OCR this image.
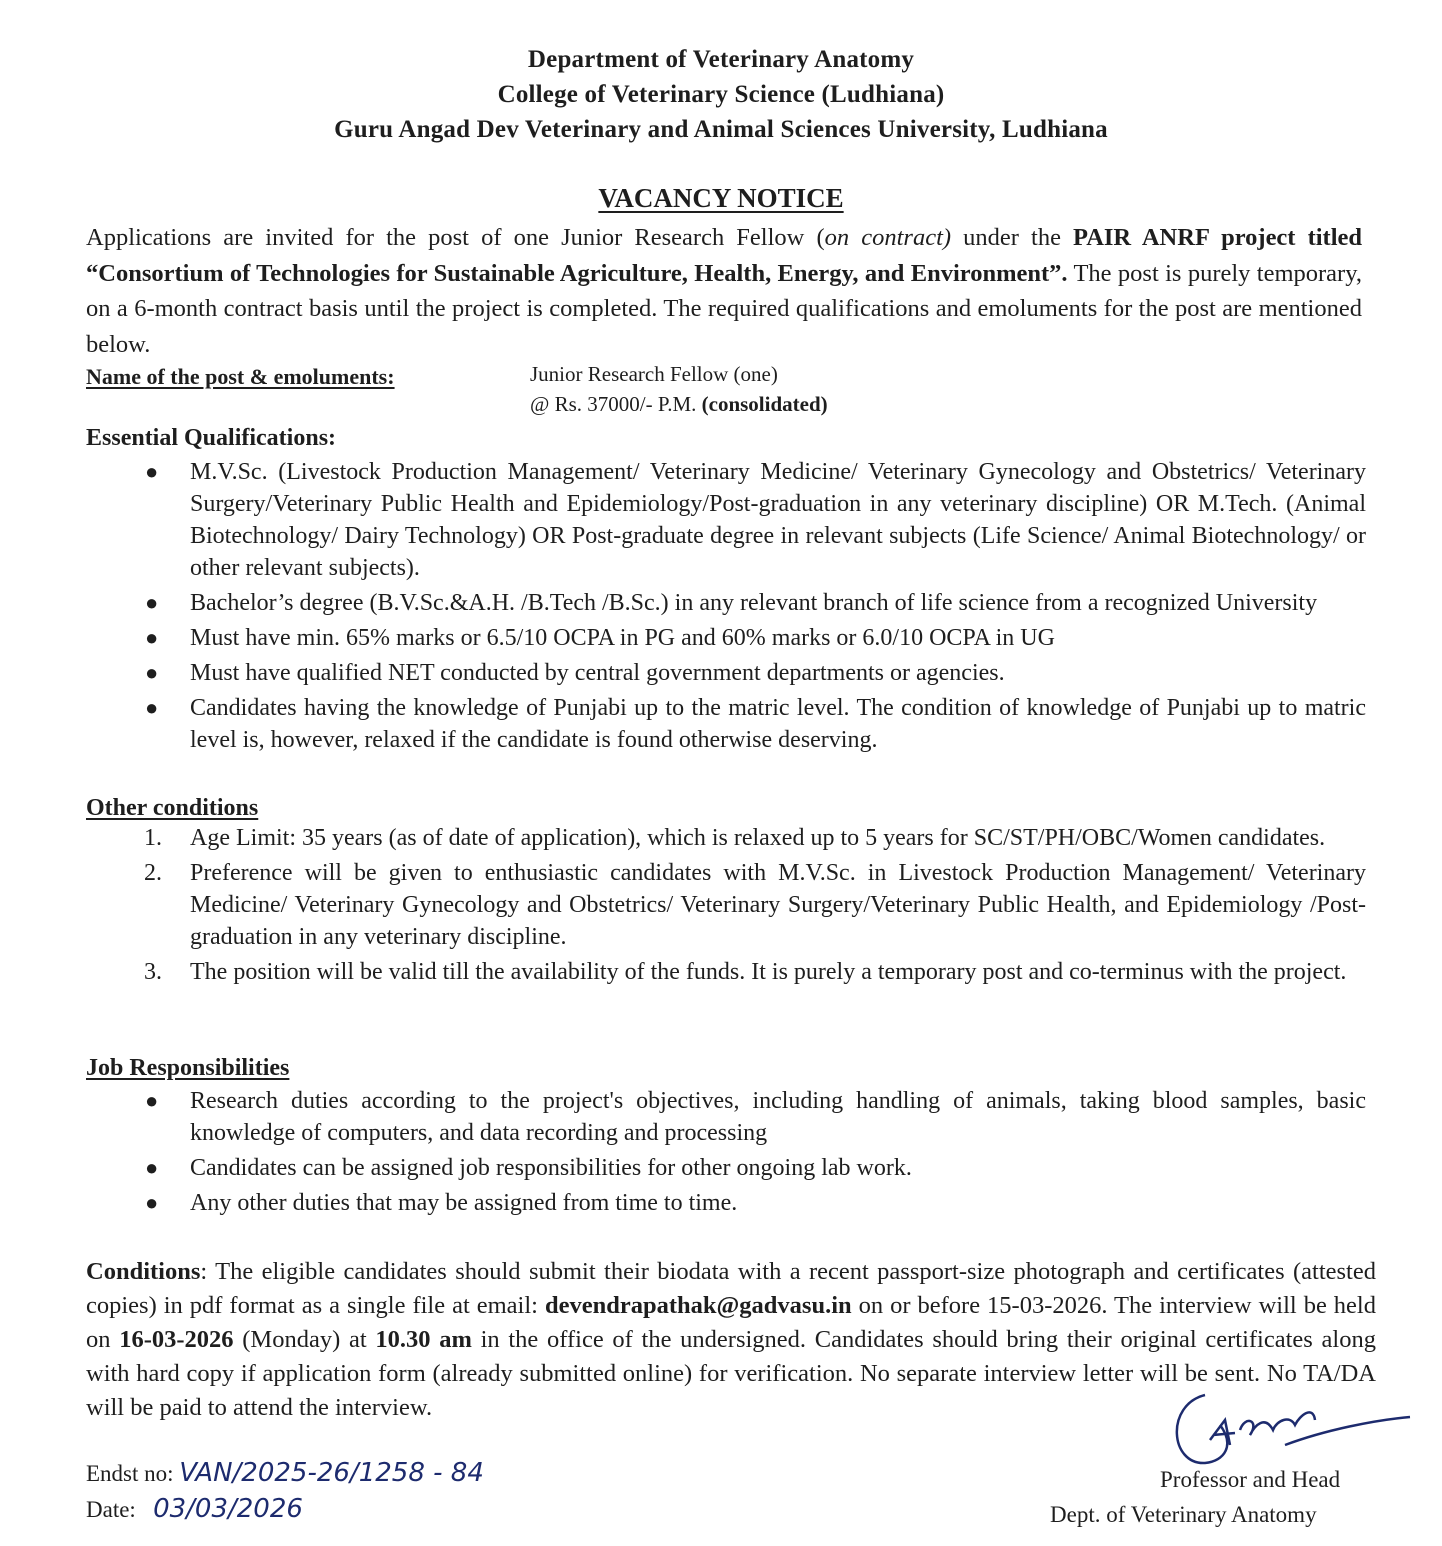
Department of Veterinary Anatomy
College of Veterinary Science (Ludhiana)
Guru Angad Dev Veterinary and Animal Sciences University, Ludhiana
VACANCY NOTICE
Applications are invited for the post of one Junior Research Fellow (on contract) under the PAIR ANRF project titled “Consortium of Technologies for Sustainable Agriculture, Health, Energy, and Environment”. The post is purely temporary, on a 6-month contract basis until the project is completed. The required qualifications and emoluments for the post are mentioned below.
Name of the post & emoluments:	Junior Research Fellow (one)
@ Rs. 37000/- P.M. (consolidated)
Essential Qualifications:
● M.V.Sc. (Livestock Production Management/ Veterinary Medicine/ Veterinary Gynecology and Obstetrics/ Veterinary Surgery/Veterinary Public Health and Epidemiology/Post-graduation in any veterinary discipline) OR M.Tech. (Animal Biotechnology/ Dairy Technology) OR Post-graduate degree in relevant subjects (Life Science/ Animal Biotechnology/ or other relevant subjects).
● Bachelor’s degree (B.V.Sc.&A.H. /B.Tech /B.Sc.) in any relevant branch of life science from a recognized University
● Must have min. 65% marks or 6.5/10 OCPA in PG and 60% marks or 6.0/10 OCPA in UG
● Must have qualified NET conducted by central government departments or agencies.
● Candidates having the knowledge of Punjabi up to the matric level. The condition of knowledge of Punjabi up to matric level is, however, relaxed if the candidate is found otherwise deserving.
Other conditions
1. Age Limit: 35 years (as of date of application), which is relaxed up to 5 years for SC/ST/PH/OBC/Women candidates.
2. Preference will be given to enthusiastic candidates with M.V.Sc. in Livestock Production Management/ Veterinary Medicine/ Veterinary Gynecology and Obstetrics/ Veterinary Surgery/Veterinary Public Health, and Epidemiology /Post-graduation in any veterinary discipline.
3. The position will be valid till the availability of the funds. It is purely a temporary post and co-terminus with the project.
Job Responsibilities
● Research duties according to the project's objectives, including handling of animals, taking blood samples, basic knowledge of computers, and data recording and processing
● Candidates can be assigned job responsibilities for other ongoing lab work.
● Any other duties that may be assigned from time to time.
Conditions: The eligible candidates should submit their biodata with a recent passport-size photograph and certificates (attested copies) in pdf format as a single file at email: devendrapathak@gadvasu.in on or before 15-03-2026. The interview will be held on 16-03-2026 (Monday) at 10.30 am in the office of the undersigned. Candidates should bring their original certificates along with hard copy if application form (already submitted online) for verification. No separate interview letter will be sent. No TA/DA will be paid to attend the interview.
Endst no: VAN/2025-26/1258 - 84
Date: 03/03/2026
Professor and Head
Dept. of Veterinary Anatomy
